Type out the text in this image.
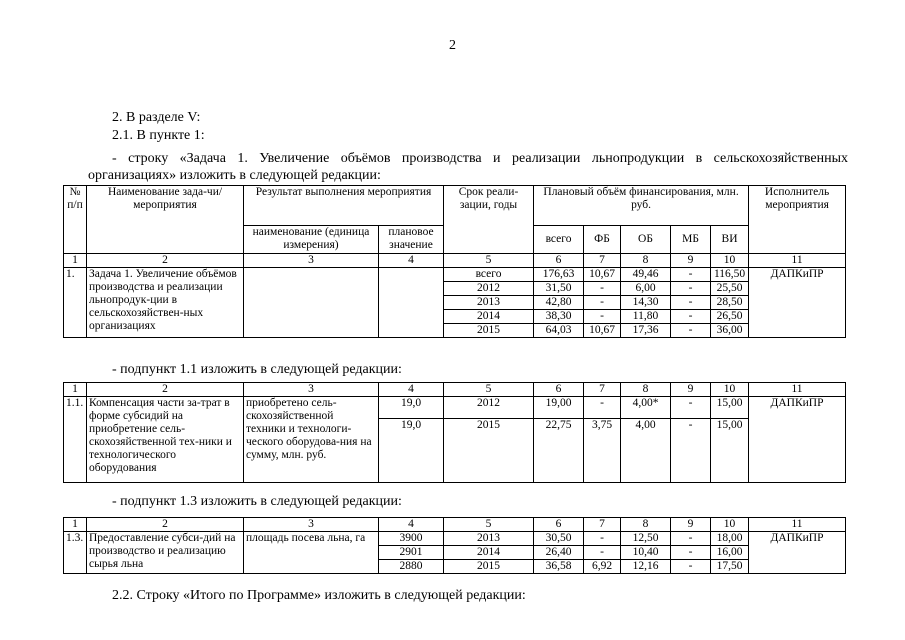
2
2. В разделе V:
2.1. В пункте 1:
- строку «Задача 1. Увеличение объёмов производства и реализации льнопродукции в сельскохозяйственных организациях» изложить в следующей редакции:
№ п/п	Наименование зада-чи/мероприятия	Результат выполнения мероприятия		Срок реали-зации, годы	Плановый объём финансирования, млн. руб.					Исполнитель мероприятия
		наименование (единица измерения)	плановое значение		всего	ФБ	ОБ	МБ	ВИ	
1	2	3	4	5	6	7	8	9	10	11
1.	Задача 1. Увеличение объёмов производства и реализации льнопродук-ции в сельскохозяйствен-ных организациях			всего	176,63	10,67	49,46	-	116,50	ДАПКиПР
				2012	31,50	-	6,00	-	25,50	
				2013	42,80	-	14,30	-	28,50	
				2014	38,30	-	11,80	-	26,50	
				2015	64,03	10,67	17,36	-	36,00	
- подпункт 1.1 изложить в следующей редакции:
1	2	3	4	5	6	7	8	9	10	11
1.1.	Компенсация части за-трат в форме субсидий на приобретение сель-скохозяйственной тех-ники и технологического оборудования	приобретено сель-скохозяйственной техники и технологи-ческого оборудова-ния на сумму, млн. руб.	19,0	2012	19,00	-	4,00*	-	15,00	ДАПКиПР
			19,0	2015	22,75	3,75	4,00	-	15,00	
- подпункт 1.3 изложить в следующей редакции:
1	2	3	4	5	6	7	8	9	10	11
1.3.	Предоставление субси-дий на производство и реализацию сырья льна	площадь посева льна, га	3900	2013	30,50	-	12,50	-	18,00	ДАПКиПР
			2901	2014	26,40	-	10,40	-	16,00	
			2880	2015	36,58	6,92	12,16	-	17,50	
2.2. Строку «Итого по Программе» изложить в следующей редакции:
